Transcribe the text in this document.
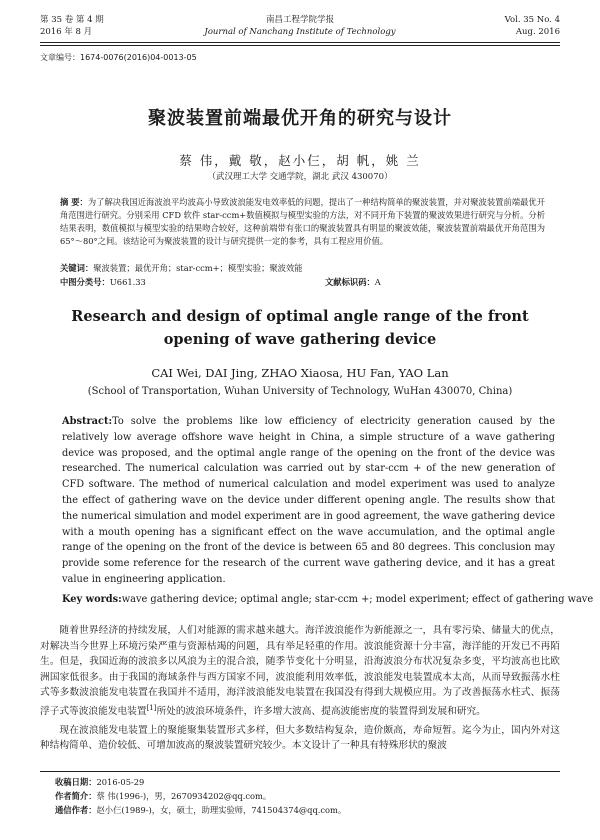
第 35 卷 第 4 期
2016 年 8 月
南昌工程学院学报
Journal of Nanchang Institute of Technology
Vol. 35 No. 4
Aug. 2016
文章编号：1674-0076(2016)04-0013-05
聚波装置前端最优开角的研究与设计
蔡 伟，戴 敬，赵小仨，胡 帆，姚 兰
（武汉理工大学 交通学院，湖北 武汉 430070）
摘 要：为了解决我国近海波浪平均波高小导致波浪能发电效率低的问题，提出了一种结构简单的聚波装置，并对聚波装置前端最优开角范围进行研究。分别采用 CFD 软件 star-ccm+数值模拟与模型实验的方法，对不同开角下装置的聚波效果进行研究与分析。分析结果表明，数值模拟与模型实验的结果吻合较好，这种前端带有张口的聚波装置具有明显的聚波效能，聚波装置前端最优开角范围为 65°～80°之间。该结论可为聚波装置的设计与研究提供一定的参考，具有工程应用价值。
关键词：聚波装置；最优开角；star-ccm+；模型实验；聚波效能
中图分类号：U661.33	文献标识码：A
Research and design of optimal angle range of the front opening of wave gathering device
CAI Wei, DAI Jing, ZHAO Xiaosa, HU Fan, YAO Lan
(School of Transportation, Wuhan University of Technology, WuHan 430070, China)
Abstract:To solve the problems like low efficiency of electricity generation caused by the relatively low average offshore wave height in China, a simple structure of a wave gathering device was proposed, and the optimal angle range of the opening on the front of the device was researched. The numerical calculation was carried out by star-ccm + of the new generation of CFD software. The method of numerical calculation and model experiment was used to analyze the effect of gathering wave on the device under different opening angle. The results show that the numerical simulation and model experiment are in good agreement, the wave gathering device with a mouth opening has a significant effect on the wave accumulation, and the optimal angle range of the opening on the front of the device is between 65 and 80 degrees. This conclusion may provide some reference for the research of the current wave gathering device, and it has a great value in engineering application.
Key words:wave gathering device; optimal angle; star-ccm +; model experiment; effect of gathering wave

随着世界经济的持续发展，人们对能源的需求越来越大。海洋波浪能作为新能源之一，具有零污染、储量大的优点，对解决当今世界上环境污染严重与资源枯竭的问题，具有举足轻重的作用。波浪能资源十分丰富，海洋能的开发已不再陌生。但是，我国近海的波浪多以风浪为主的混合浪，随季节变化十分明显，沿海波浪分布状况复杂多变，平均波高也比欧洲国家低很多。由于我国的海域条件与西方国家不同，波浪能利用效率低，波浪能发电装置成本太高，从而导致振荡水柱式等多数波浪能发电装置在我国并不适用，海洋波浪能发电装置在我国没有得到大规模应用。为了改善振荡水柱式、振荡浮子式等波浪能发电装置[1]所处的波浪环境条件，许多增大波高、提高波能密度的装置得到发展和研究。

现在波浪能发电装置上的聚能聚集装置形式多样，但大多数结构复杂，造价颇高，寿命短暂。迄今为止，国内外对这种结构简单、造价较低、可增加波高的聚波装置研究较少。本文设计了一种具有特殊形状的聚波

收稿日期：2016-05-29
作者简介：蔡 伟(1996-)，男，2670934202@qq.com。
通信作者：赵小仨(1989-)，女，硕士，助理实验师，741504374@qq.com。
